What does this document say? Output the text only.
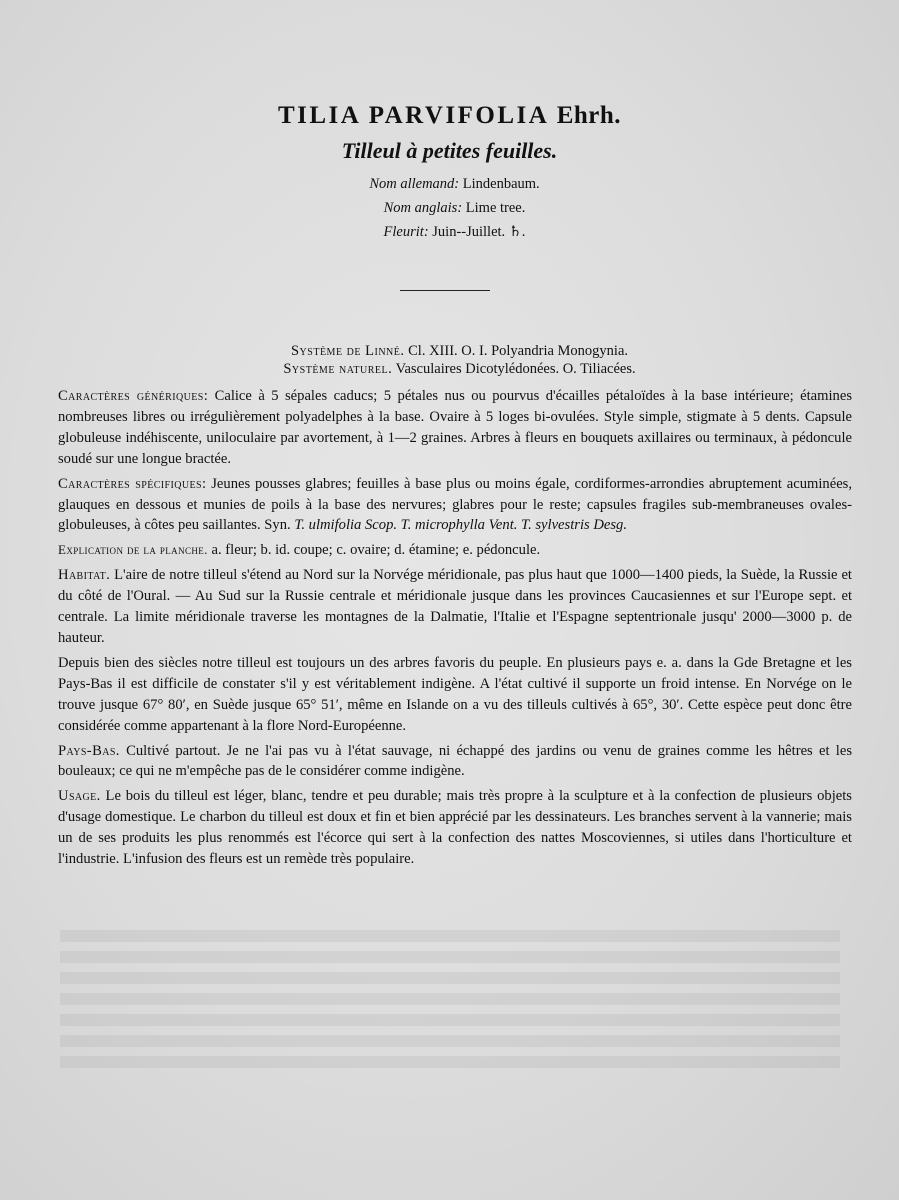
TILIA PARVIFOLIA Ehrh.
Tilleul à petites feuilles.
Nom allemand: Lindenbaum.
Nom anglais: Lime tree.
Fleurit: Juin--Juillet. ♄.
Système de Linné. Cl. XIII. O. I. Polyandria Monogynia.
Système naturel. Vasculaires Dicotylédonées. O. Tiliacées.

Caractères génériques: Calice à 5 sépales caducs; 5 pétales nus ou pourvus d'écailles pétaloïdes à la base intérieure; étamines nombreuses libres ou irrégulièrement polyadelphes à la base. Ovaire à 5 loges bi-ovulées. Style simple, stigmate à 5 dents. Capsule globuleuse indéhiscente, uniloculaire par avortement, à 1—2 graines. Arbres à fleurs en bouquets axillaires ou terminaux, à pédoncule soudé sur une longue bractée.

Caractères spécifiques: Jeunes pousses glabres; feuilles à base plus ou moins égale, cordiformes-arrondies abruptement acuminées, glauques en dessous et munies de poils à la base des nervures; glabres pour le reste; capsules fragiles sub-membraneuses ovales-globuleuses, à côtes peu saillantes. Syn. T. ulmifolia Scop. T. microphylla Vent. T. sylvestris Desg.

Explication de la planche. a. fleur; b. id. coupe; c. ovaire; d. étamine; e. pédoncule.

Habitat. L'aire de notre tilleul s'étend au Nord sur la Norvége méridionale, pas plus haut que 1000—1400 pieds, la Suède, la Russie et du côté de l'Oural. — Au Sud sur la Russie centrale et méridionale jusque dans les provinces Caucasiennes et sur l'Europe sept. et centrale. La limite méridionale traverse les montagnes de la Dalmatie, l'Italie et l'Espagne septentrionale jusqu' 2000—3000 p. de hauteur.

Depuis bien des siècles notre tilleul est toujours un des arbres favoris du peuple. En plusieurs pays e. a. dans la Gde Bretagne et les Pays-Bas il est difficile de constater s'il y est véritablement indigène. A l'état cultivé il supporte un froid intense. En Norvége on le trouve jusque 67° 80′, en Suède jusque 65° 51′, même en Islande on a vu des tilleuls cultivés à 65°, 30′. Cette espèce peut donc être considérée comme appartenant à la flore Nord-Européenne.

Pays-Bas. Cultivé partout. Je ne l'ai pas vu à l'état sauvage, ni échappé des jardins ou venu de graines comme les hêtres et les bouleaux; ce qui ne m'empêche pas de le considérer comme indigène.

Usage. Le bois du tilleul est léger, blanc, tendre et peu durable; mais très propre à la sculpture et à la confection de plusieurs objets d'usage domestique. Le charbon du tilleul est doux et fin et bien apprécié par les dessinateurs. Les branches servent à la vannerie; mais un de ses produits les plus renommés est l'écorce qui sert à la confection des nattes Moscoviennes, si utiles dans l'horticulture et l'industrie. L'infusion des fleurs est un remède très populaire.
